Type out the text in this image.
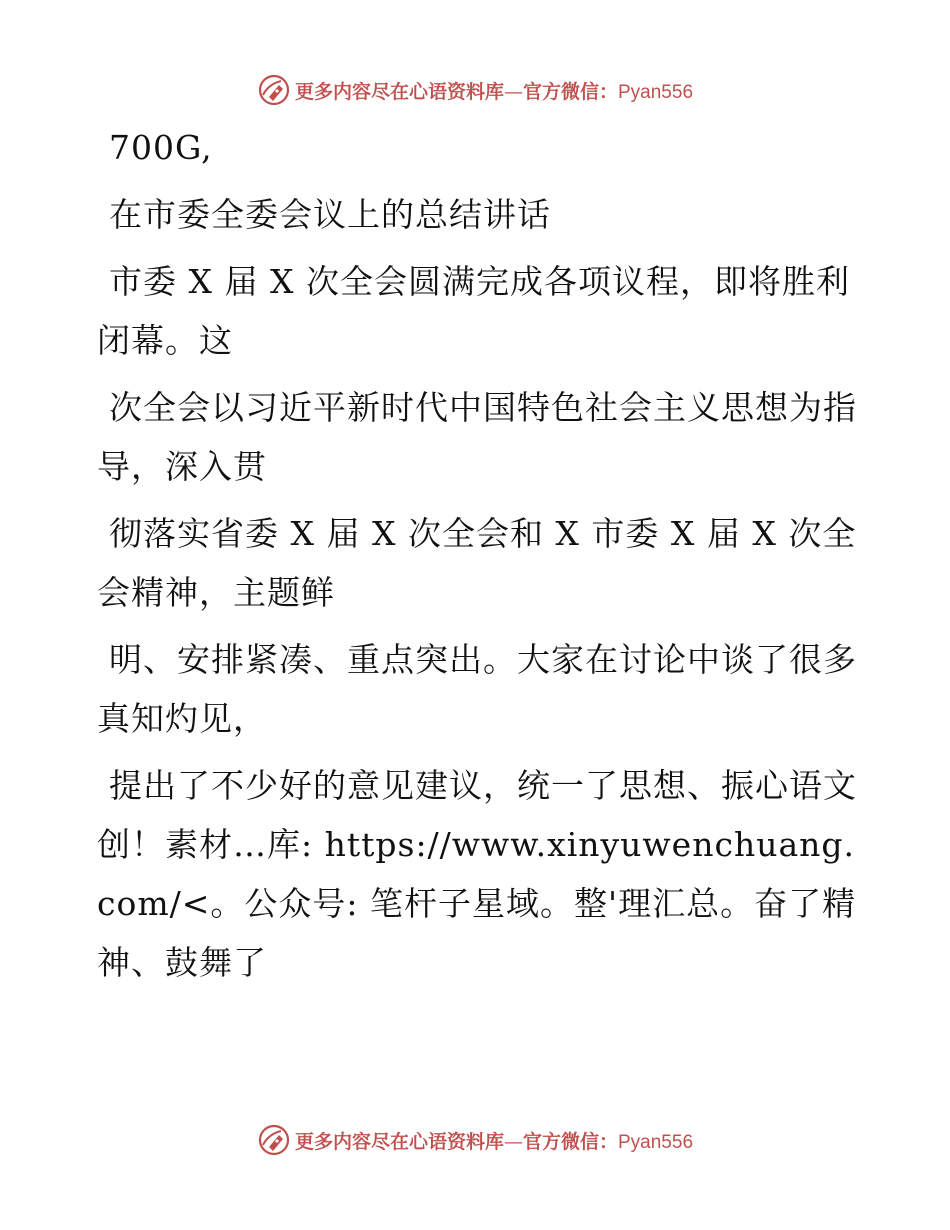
更多内容尽在心语资料库—官方微信：Pyan556

700G,

在市委全委会议上的总结讲话

市委 X 届 X 次全会圆满完成各项议程，即将胜利闭幕。这

次全会以习近平新时代中国特色社会主义思想为指导，深入贯

彻落实省委 X 届 X 次全会和 X 市委 X 届 X 次全会精神，主题鲜

明、安排紧凑、重点突出。大家在讨论中谈了很多真知灼见，

提出了不少好的意见建议，统一了思想、振心语文创！素材…库: https://www.xinyuwenchuang.com/<。公众号: 笔杆子星域。整'理汇总。奋了精神、鼓舞了

更多内容尽在心语资料库—官方微信：Pyan556
